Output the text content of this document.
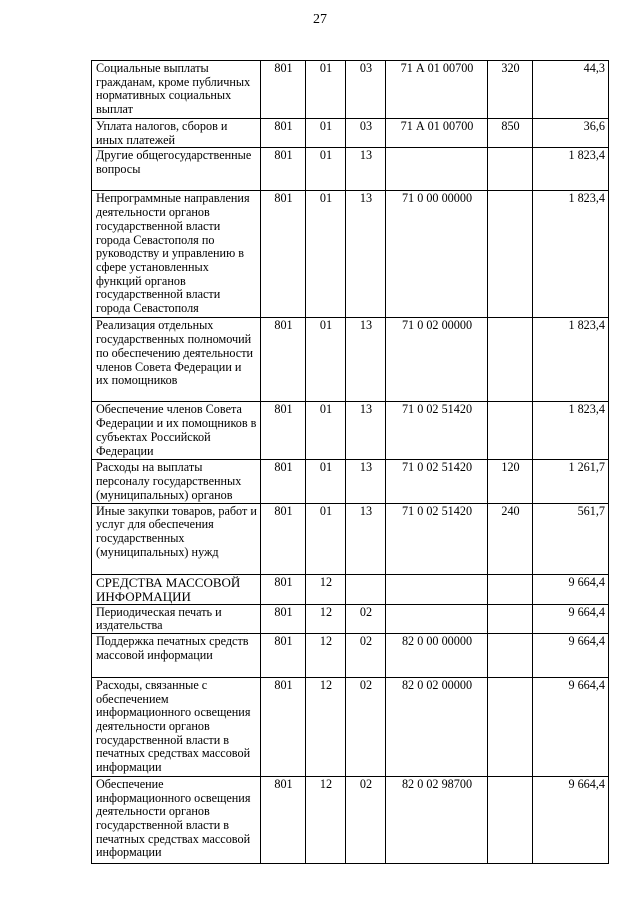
27
Социальные выплаты гражданам, кроме публичных нормативных социальных выплат	801	01	03	71 А 01 00700	320	44,3
Уплата налогов, сборов и иных платежей	801	01	03	71 А 01 00700	850	36,6
Другие общегосударственные вопросы	801	01	13			1 823,4
Непрограммные направления деятельности органов государственной власти города Севастополя по руководству и управлению в сфере установленных функций органов государственной власти города Севастополя	801	01	13	71 0 00 00000		1 823,4
Реализация отдельных государственных полномочий по обеспечению деятельности членов Совета Федерации и их помощников	801	01	13	71 0 02 00000		1 823,4
Обеспечение членов Совета Федерации и их помощников в субъектах Российской Федерации	801	01	13	71 0 02 51420		1 823,4
Расходы на выплаты персоналу государственных (муниципальных) органов	801	01	13	71 0 02 51420	120	1 261,7
Иные закупки товаров, работ и услуг для обеспечения государственных (муниципальных) нужд	801	01	13	71 0 02 51420	240	561,7
СРЕДСТВА МАССОВОЙ ИНФОРМАЦИИ	801	12				9 664,4
Периодическая печать и издательства	801	12	02			9 664,4
Поддержка печатных средств массовой информации	801	12	02	82 0 00 00000		9 664,4
Расходы, связанные с обеспечением информационного освещения деятельности органов государственной власти в печатных средствах массовой информации	801	12	02	82 0 02 00000		9 664,4
Обеспечение информационного освещения деятельности органов государственной власти в печатных средствах массовой информации	801	12	02	82 0 02 98700		9 664,4
